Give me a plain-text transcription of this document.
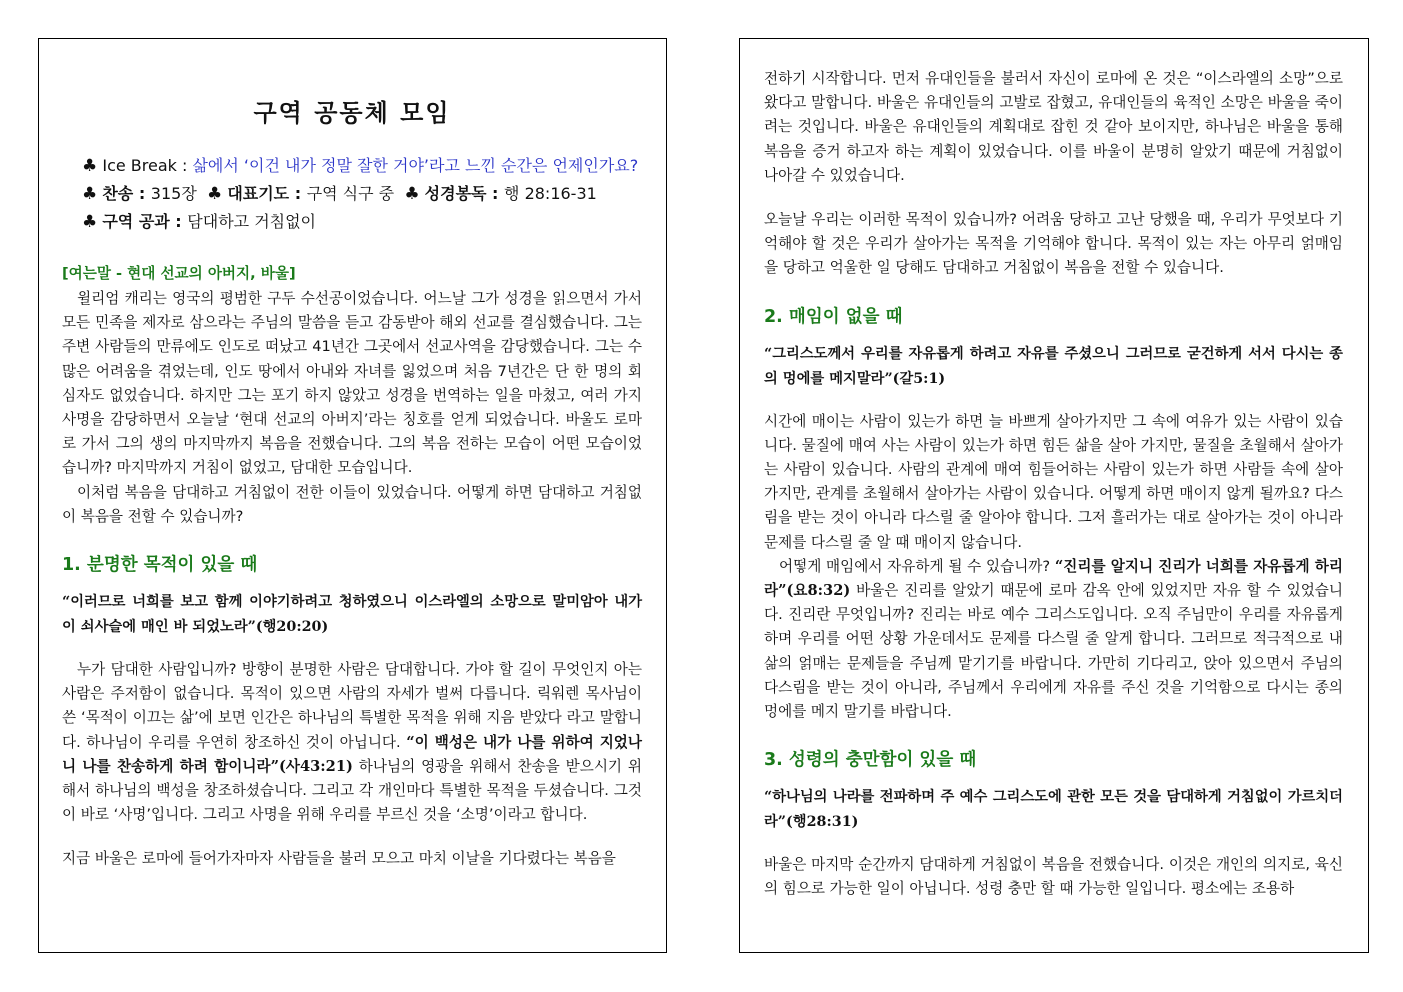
구역 공동체 모임
♣ Ice Break : 삶에서 ‘이건 내가 정말 잘한 거야’라고 느낀 순간은 언제인가요?
♣ 찬송 : 315장 ♣ 대표기도 : 구역 식구 중 ♣ 성경봉독 : 행 28:16-31
♣ 구역 공과 : 담대하고 거침없이
[여는말 - 현대 선교의 아버지, 바울]

윌리엄 캐리는 영국의 평범한 구두 수선공이었습니다. 어느날 그가 성경을 읽으면서 가서 모든 민족을 제자로 삼으라는 주님의 말씀을 듣고 감동받아 해외 선교를 결심했습니다. 그는 주변 사람들의 만류에도 인도로 떠났고 41년간 그곳에서 선교사역을 감당했습니다. 그는 수많은 어려움을 겪었는데, 인도 땅에서 아내와 자녀를 잃었으며 처음 7년간은 단 한 명의 회심자도 없었습니다. 하지만 그는 포기 하지 않았고 성경을 번역하는 일을 마쳤고, 여러 가지 사명을 감당하면서 오늘날 ‘현대 선교의 아버지’라는 칭호를 얻게 되었습니다. 바울도 로마로 가서 그의 생의 마지막까지 복음을 전했습니다. 그의 복음 전하는 모습이 어떤 모습이었습니까? 마지막까지 거침이 없었고, 담대한 모습입니다.

이처럼 복음을 담대하고 거침없이 전한 이들이 있었습니다. 어떻게 하면 담대하고 거침없이 복음을 전할 수 있습니까?

1. 분명한 목적이 있을 때

“이러므로 너희를 보고 함께 이야기하려고 청하였으니 이스라엘의 소망으로 말미암아 내가 이 쇠사슬에 매인 바 되었노라”(행20:20)

누가 담대한 사람입니까? 방향이 분명한 사람은 담대합니다. 가야 할 길이 무엇인지 아는 사람은 주저함이 없습니다. 목적이 있으면 사람의 자세가 벌써 다릅니다. 릭워렌 목사님이 쓴 ‘목적이 이끄는 삶’에 보면 인간은 하나님의 특별한 목적을 위해 지음 받았다 라고 말합니다. 하나님이 우리를 우연히 창조하신 것이 아닙니다. “이 백성은 내가 나를 위하여 지었나니 나를 찬송하게 하려 함이니라”(사43:21) 하나님의 영광을 위해서 찬송을 받으시기 위해서 하나님의 백성을 창조하셨습니다. 그리고 각 개인마다 특별한 목적을 두셨습니다. 그것이 바로 ‘사명’입니다. 그리고 사명을 위해 우리를 부르신 것을 ‘소명’이라고 합니다.

지금 바울은 로마에 들어가자마자 사람들을 불러 모으고 마치 이날을 기다렸다는 복음을

전하기 시작합니다. 먼저 유대인들을 불러서 자신이 로마에 온 것은 “이스라엘의 소망”으로 왔다고 말합니다. 바울은 유대인들의 고발로 잡혔고, 유대인들의 육적인 소망은 바울을 죽이려는 것입니다. 바울은 유대인들의 계획대로 잡힌 것 같아 보이지만, 하나님은 바울을 통해 복음을 증거 하고자 하는 계획이 있었습니다. 이를 바울이 분명히 알았기 때문에 거침없이 나아갈 수 있었습니다.

오늘날 우리는 이러한 목적이 있습니까? 어려움 당하고 고난 당했을 때, 우리가 무엇보다 기억해야 할 것은 우리가 살아가는 목적을 기억해야 합니다. 목적이 있는 자는 아무리 얽매임을 당하고 억울한 일 당해도 담대하고 거침없이 복음을 전할 수 있습니다.

2. 매임이 없을 때

“그리스도께서 우리를 자유롭게 하려고 자유를 주셨으니 그러므로 굳건하게 서서 다시는 종의 멍에를 메지말라”(갈5:1)

시간에 매이는 사람이 있는가 하면 늘 바쁘게 살아가지만 그 속에 여유가 있는 사람이 있습니다. 물질에 매여 사는 사람이 있는가 하면 힘든 삶을 살아 가지만, 물질을 초월해서 살아가는 사람이 있습니다. 사람의 관계에 매여 힘들어하는 사람이 있는가 하면 사람들 속에 살아가지만, 관계를 초월해서 살아가는 사람이 있습니다. 어떻게 하면 매이지 않게 될까요? 다스림을 받는 것이 아니라 다스릴 줄 알아야 합니다. 그저 흘러가는 대로 살아가는 것이 아니라 문제를 다스릴 줄 알 때 매이지 않습니다.

어떻게 매임에서 자유하게 될 수 있습니까? “진리를 알지니 진리가 너희를 자유롭게 하리라”(요8:32) 바울은 진리를 알았기 때문에 로마 감옥 안에 있었지만 자유 할 수 있었습니다. 진리란 무엇입니까? 진리는 바로 예수 그리스도입니다. 오직 주님만이 우리를 자유롭게 하며 우리를 어떤 상황 가운데서도 문제를 다스릴 줄 알게 합니다. 그러므로 적극적으로 내 삶의 얽매는 문제들을 주님께 맡기기를 바랍니다. 가만히 기다리고, 앉아 있으면서 주님의 다스림을 받는 것이 아니라, 주님께서 우리에게 자유를 주신 것을 기억함으로 다시는 종의 멍에를 메지 말기를 바랍니다.

3. 성령의 충만함이 있을 때

“하나님의 나라를 전파하며 주 예수 그리스도에 관한 모든 것을 담대하게 거침없이 가르치더라”(행28:31)

바울은 마지막 순간까지 담대하게 거침없이 복음을 전했습니다. 이것은 개인의 의지로, 육신의 힘으로 가능한 일이 아닙니다. 성령 충만 할 때 가능한 일입니다. 평소에는 조용하
